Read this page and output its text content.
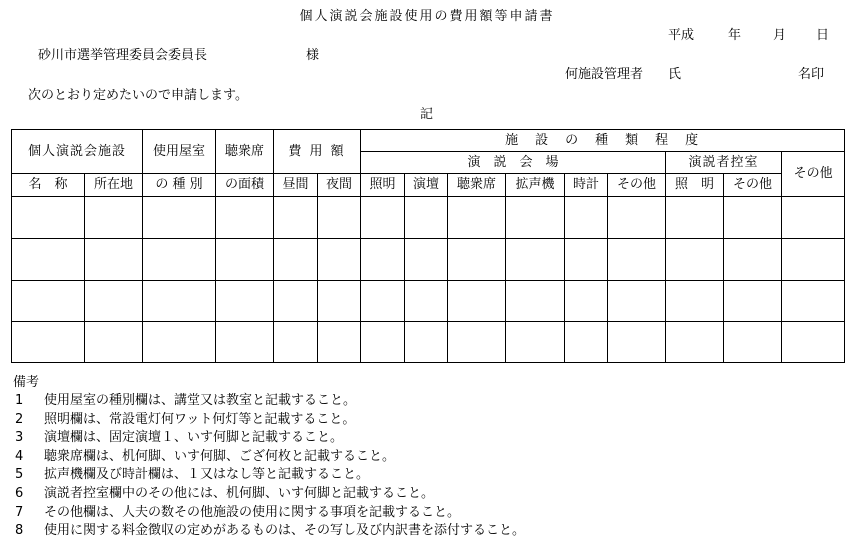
個人演説会施設使用の費用額等申請書
平成	年 月 日
砂川市選挙管理委員会委員長	様
何施設管理者 氏	名印
次のとおり定めたいので申請します。
記
個人演説会施設		使用屋室	聴衆席	費 用 額		施　設　の　種　類　程　度								
						演　説　会　場						演説者控室		その他
名　称	所在地	の 種 別	の面積	昼間	夜間	照明	演壇	聴衆席	拡声機	時計	その他	照　明	その他	

備考
1 使用屋室の種別欄は、講堂又は教室と記載すること。
2 照明欄は、常設電灯何ワット何灯等と記載すること。
3 演壇欄は、固定演壇１、いす何脚と記載すること。
4 聴衆席欄は、机何脚、いす何脚、ござ何枚と記載すること。
5 拡声機欄及び時計欄は、１又はなし等と記載すること。
6 演説者控室欄中のその他には、机何脚、いす何脚と記載すること。
7 その他欄は、人夫の数その他施設の使用に関する事項を記載すること。
8 使用に関する料金徴収の定めがあるものは、その写し及び内訳書を添付すること。
